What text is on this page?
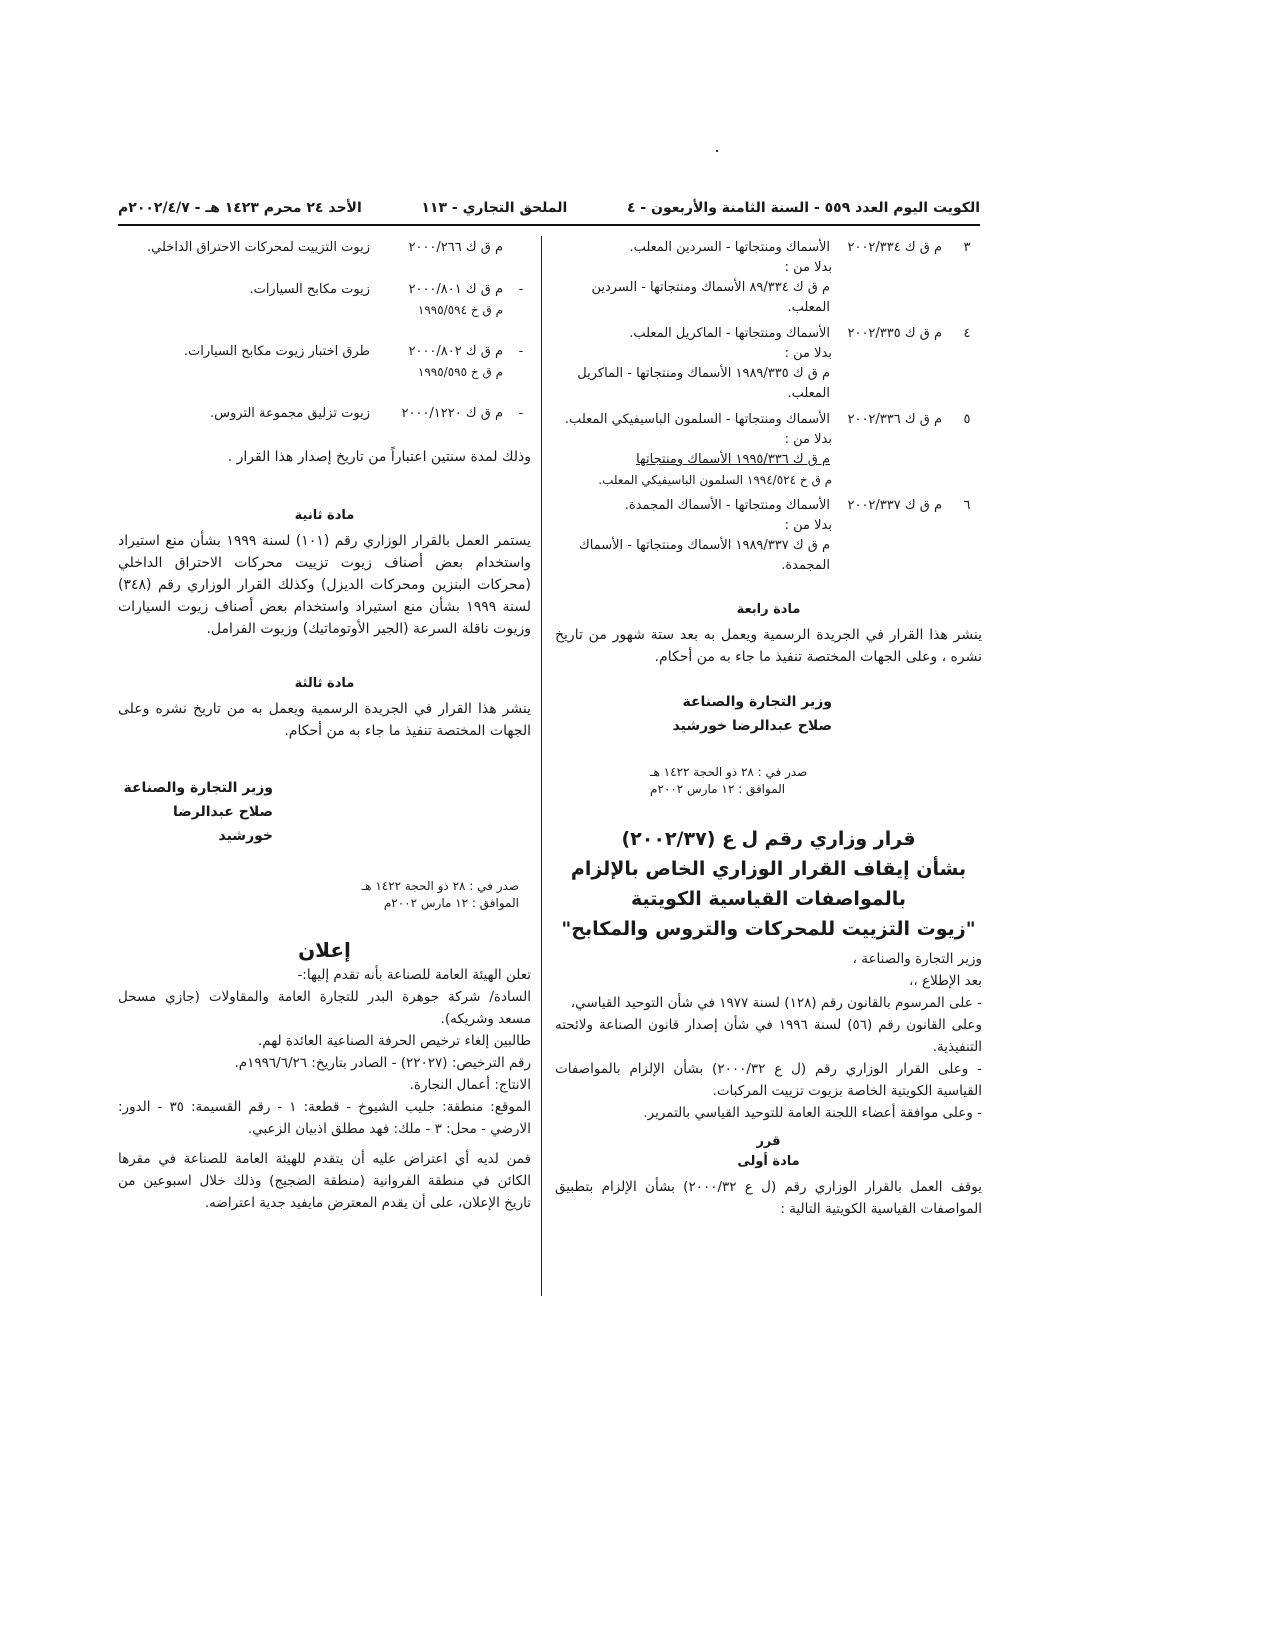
الكويت اليوم العدد ٥٥٩ - السنة الثامنة والأربعون - ٤
الملحق التجاري - ١١٣
الأحد ٢٤ محرم ١٤٢٣ هـ - ٢٠٠٢/٤/٧م
٣
م ق ك ٢٠٠٢/٣٣٤
الأسماك ومنتجاتها - السردين المعلب.
بدلا من :
م ق ك ٨٩/٣٣٤ الأسماك ومنتجاتها - السردين المعلب.
٤
م ق ك ٢٠٠٢/٣٣٥
الأسماك ومنتجاتها - الماكريل المعلب.
بدلا من :
م ق ك ١٩٨٩/٣٣٥ الأسماك ومنتجاتها - الماكريل المعلب.
٥
م ق ك ٢٠٠٢/٣٣٦
الأسماك ومنتجاتها - السلمون الباسيفيكي المعلب.
بدلا من :
م ق ك ١٩٩٥/٣٣٦ الأسماك ومنتجاتها
م ق خ ١٩٩٤/٥٢٤ السلمون الباسيفيكي المعلب.
٦
م ق ك ٢٠٠٢/٣٣٧
الأسماك ومنتجاتها - الأسماك المجمدة.
بدلا من :
م ق ك ١٩٨٩/٣٣٧ الأسماك ومنتجاتها - الأسماك المجمدة.
مادة رابعة
ينشر هذا القرار في الجريدة الرسمية ويعمل به بعد ستة شهور من تاريخ نشره ، وعلى الجهات المختصة تنفيذ ما جاء به من أحكام.
وزير التجارة والصناعة
صلاح عبدالرضا خورشيد
صدر في : ٢٨ ذو الحجة ١٤٢٢ هـ
الموافق : ١٢ مارس ٢٠٠٢م
قرار وزاري رقم ل ع (٢٠٠٢/٣٧)
بشأن إيقاف القرار الوزاري الخاص بالإلزام
بالمواصفات القياسية الكويتية
"زيوت التزييت للمحركات والتروس والمكابح"
وزير التجارة والصناعة ،
بعد الإطلاع ،،
- على المرسوم بالقانون رقم (١٢٨) لسنة ١٩٧٧ في شأن التوحيد القياسي،
وعلى القانون رقم (٥٦) لسنة ١٩٩٦ في شأن إصدار قانون الصناعة ولائحته التنفيذية.
- وعلى القرار الوزاري رقم (ل ع ٢٠٠٠/٣٢) بشأن الإلزام بالمواصفات القياسية الكويتية الخاصة بزيوت تزييت المركبات.
- وعلى موافقة أعضاء اللجنة العامة للتوحيد القياسي بالتمرير.
قرر
مادة أولى
يوقف العمل بالقرار الوزاري رقم (ل ع ٢٠٠٠/٣٢) بشأن الإلزام بتطبيق المواصفات القياسية الكويتية التالية :
م ق ك ٢٠٠٠/٢٦٦
زيوت التزييت لمحركات الاحتراق الداخلي.
-
م ق ك ٢٠٠٠/٨٠١
م ق خ ١٩٩٥/٥٩٤
زيوت مكابح السيارات.
-
م ق ك ٢٠٠٠/٨٠٢
م ق خ ١٩٩٥/٥٩٥
طرق اختبار زيوت مكابح السيارات.
-
م ق ك ٢٠٠٠/١٢٢٠
زيوت تزليق مجموعة التروس.
وذلك لمدة سنتين اعتباراً من تاريخ إصدار هذا القرار .
مادة ثانية
يستمر العمل بالقرار الوزاري رقم (١٠١) لسنة ١٩٩٩ بشأن منع استيراد واستخدام بعض أصناف زيوت تزييت محركات الاحتراق الداخلي (محركات البنزين ومحركات الديزل) وكذلك القرار الوزاري رقم (٣٤٨) لسنة ١٩٩٩ بشأن منع استيراد واستخدام بعض أصناف زيوت السيارات وزيوت ناقلة السرعة (الجير الأوتوماتيك) وزيوت الفرامل.
مادة ثالثة
ينشر هذا القرار في الجريدة الرسمية ويعمل به من تاريخ نشره وعلى الجهات المختصة تنفيذ ما جاء به من أحكام.
وزير التجارة والصناعة
صلاح عبدالرضا خورشيد
صدر في : ٢٨ ذو الحجة ١٤٢٢ هـ
الموافق : ١٢ مارس ٢٠٠٢م
إعلان

تعلن الهيئة العامة للصناعة بأنه تقدم إليها:-

السادة/ شركة جوهرة البدر للتجارة العامة والمقاولات (جازي مسحل مسعد وشريكه).

طالبين إلغاء ترخيص الحرفة الصناعية العائدة لهم.

رقم الترخيص: (٢٢٠٢٧) - الصادر بتاريخ: ١٩٩٦/٦/٢٦م.

الانتاج: أعمال النجارة.

الموقع: منطقة: جليب الشيوخ - قطعة: ١ - رقم القسيمة: ٣٥ - الدور: الارضي - محل: ٣ - ملك: فهد مطلق اذبيان الزعبي.

فمن لديه أي اعتراض عليه أن يتقدم للهيئة العامة للصناعة في مقرها الكائن في منطقة الفروانية (منطقة الضجيج) وذلك خلال اسبوعين من تاريخ الإعلان، على أن يقدم المعترض مايفيد جدية اعتراضه.
